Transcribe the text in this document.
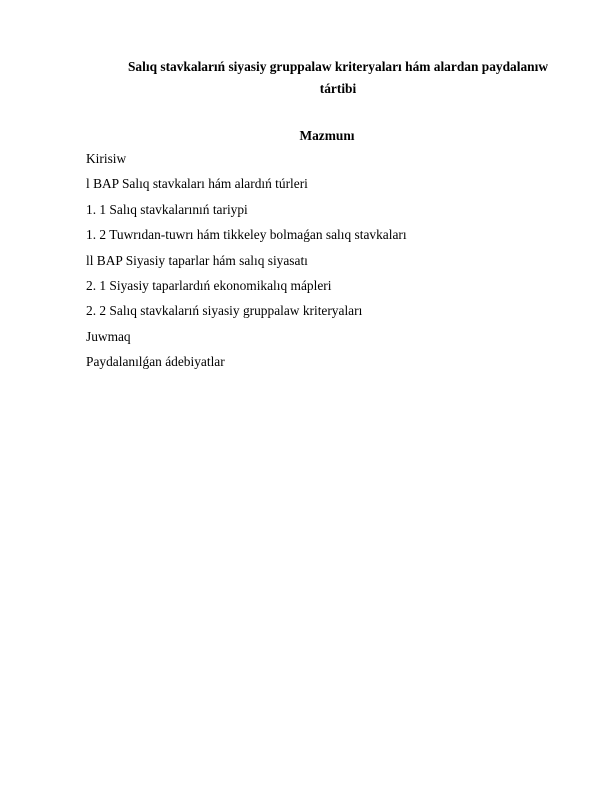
Salıq stavkalarıń siyasiy gruppalaw kriteryaları hám alardan paydalanıw

tártibi

Mazmunı

Kirisiw
l BAP Salıq stavkaları hám alardıń túrleri
1. 1 Salıq stavkalarınıń tariypi
1. 2 Tuwrıdan-tuwrı hám tikkeley bolmaǵan salıq stavkaları
ll BAP Siyasiy taparlar hám salıq siyasatı
2. 1 Siyasiy taparlardıń ekonomikalıq mápleri
2. 2 Salıq stavkalarıń siyasiy gruppalaw kriteryaları
Juwmaq
Paydalanılǵan ádebiyatlar
